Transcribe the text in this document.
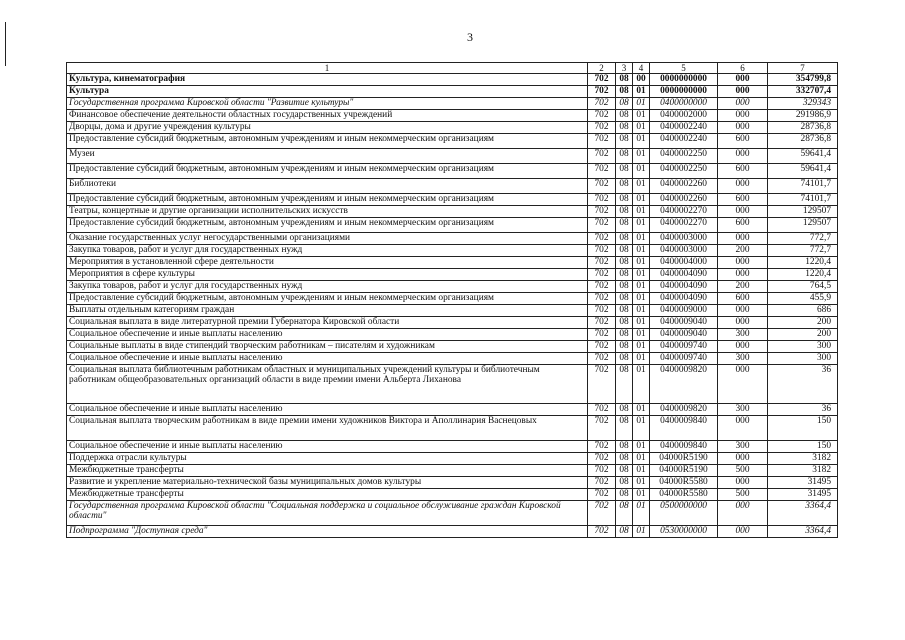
3
1	2	3	4	5	6	7
Культура, кинематография	702	08	00	0000000000	000	354799,8
Культура	702	08	01	0000000000	000	332707,4
Государственная программа Кировской области "Развитие культуры"	702	08	01	0400000000	000	329343
Финансовое обеспечение деятельности областных государственных учреждений	702	08	01	0400002000	000	291986,9
Дворцы, дома и другие учреждения культуры	702	08	01	0400002240	000	28736,8
Предоставление субсидий бюджетным, автономным учреждениям и иным некоммерческим организациям	702	08	01	0400002240	600	28736,8
Музеи	702	08	01	0400002250	000	59641,4
Предоставление субсидий бюджетным, автономным учреждениям и иным некоммерческим организациям	702	08	01	0400002250	600	59641,4
Библиотеки	702	08	01	0400002260	000	74101,7
Предоставление субсидий бюджетным, автономным учреждениям и иным некоммерческим организациям	702	08	01	0400002260	600	74101,7
Театры, концертные и другие организации исполнительских искусств	702	08	01	0400002270	000	129507
Предоставление субсидий бюджетным, автономным учреждениям и иным некоммерческим организациям	702	08	01	0400002270	600	129507
Оказание государственных услуг негосударственными организациями	702	08	01	0400003000	000	772,7
Закупка товаров, работ и услуг для государственных нужд	702	08	01	0400003000	200	772,7
Мероприятия в установленной сфере деятельности	702	08	01	0400004000	000	1220,4
Мероприятия в сфере культуры	702	08	01	0400004090	000	1220,4
Закупка товаров, работ и услуг для государственных нужд	702	08	01	0400004090	200	764,5
Предоставление субсидий бюджетным, автономным учреждениям и иным некоммерческим организациям	702	08	01	0400004090	600	455,9
Выплаты отдельным категориям граждан	702	08	01	0400009000	000	686
Социальная выплата в виде литературной премии Губернатора Кировской области	702	08	01	0400009040	000	200
Социальное обеспечение и иные выплаты населению	702	08	01	0400009040	300	200
Социальные выплаты в виде стипендий творческим работникам – писателям и художникам	702	08	01	0400009740	000	300
Социальное обеспечение и иные выплаты населению	702	08	01	0400009740	300	300
Социальная выплата библиотечным работникам областных и муниципальных учреждений культуры и библиотечным работникам общеобразовательных организаций области в виде премии имени Альберта Лиханова	702	08	01	0400009820	000	36
Социальное обеспечение и иные выплаты населению	702	08	01	0400009820	300	36
Социальная выплата творческим работникам в виде премии имени художников Виктора и Аполлинария Васнецовых	702	08	01	0400009840	000	150
Социальное обеспечение и иные выплаты населению	702	08	01	0400009840	300	150
Поддержка отрасли культуры	702	08	01	04000R5190	000	3182
Межбюджетные трансферты	702	08	01	04000R5190	500	3182
Развитие и укрепление материально-технической базы муниципальных домов культуры	702	08	01	04000R5580	000	31495
Межбюджетные трансферты	702	08	01	04000R5580	500	31495
Государственная программа Кировской области "Социальная поддержка и социальное обслуживание граждан Кировской области"	702	08	01	0500000000	000	3364,4
Подпрограмма "Доступная среда"	702	08	01	0530000000	000	3364,4
